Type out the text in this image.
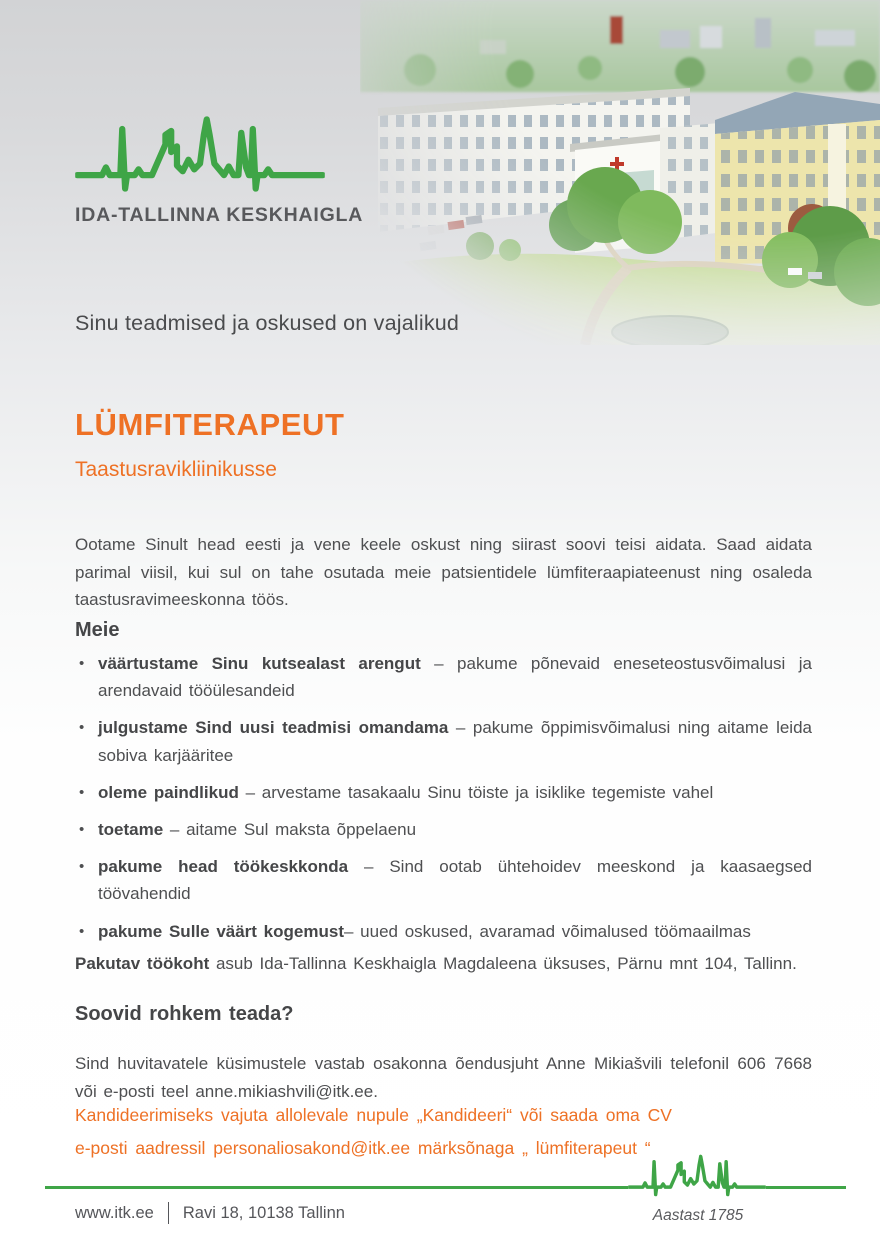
IDA-TALLINNA KESKHAIGLA
Sinu teadmised ja oskused on vajalikud
LÜMFITERAPEUT
Taastusravikliinikusse

Ootame Sinult head eesti ja vene keele oskust ning siirast soovi teisi aidata. Saad aidata parimal viisil, kui sul on tahe osutada meie patsientidele lümfiteraapiateenust ning osaleda taastusravimeeskonna töös.

Meie
• väärtustame Sinu kutsealast arengut – pakume põnevaid eneseteostusvõimalusi ja arendavaid tööülesandeid
• julgustame Sind uusi teadmisi omandama – pakume õppimisvõimalusi ning aitame leida sobiva karjääritee
• oleme paindlikud – arvestame tasakaalu Sinu töiste ja isiklike tegemiste vahel
• toetame – aitame Sul maksta õppelaenu
• pakume head töökeskkonda – Sind ootab ühtehoidev meeskond ja kaasaegsed töövahendid
• pakume Sulle väärt kogemust– uued oskused, avaramad võimalused töömaailmas

Pakutav töökoht asub Ida-Tallinna Keskhaigla Magdaleena üksuses, Pärnu mnt 104, Tallinn.

Soovid rohkem teada?

Sind huvitavatele küsimustele vastab osakonna õendusjuht Anne Mikiašvili telefonil 606 7668 või e-posti teel anne.mikiashvili@itk.ee.

Kandideerimiseks vajuta allolevale nupule „Kandideeri“ või saada oma CV
e-posti aadressil personaliosakond@itk.ee märksõnaga „ lümfiterapeut “
www.itk.ee Ravi 18, 10138 Tallinn	Aastast 1785
